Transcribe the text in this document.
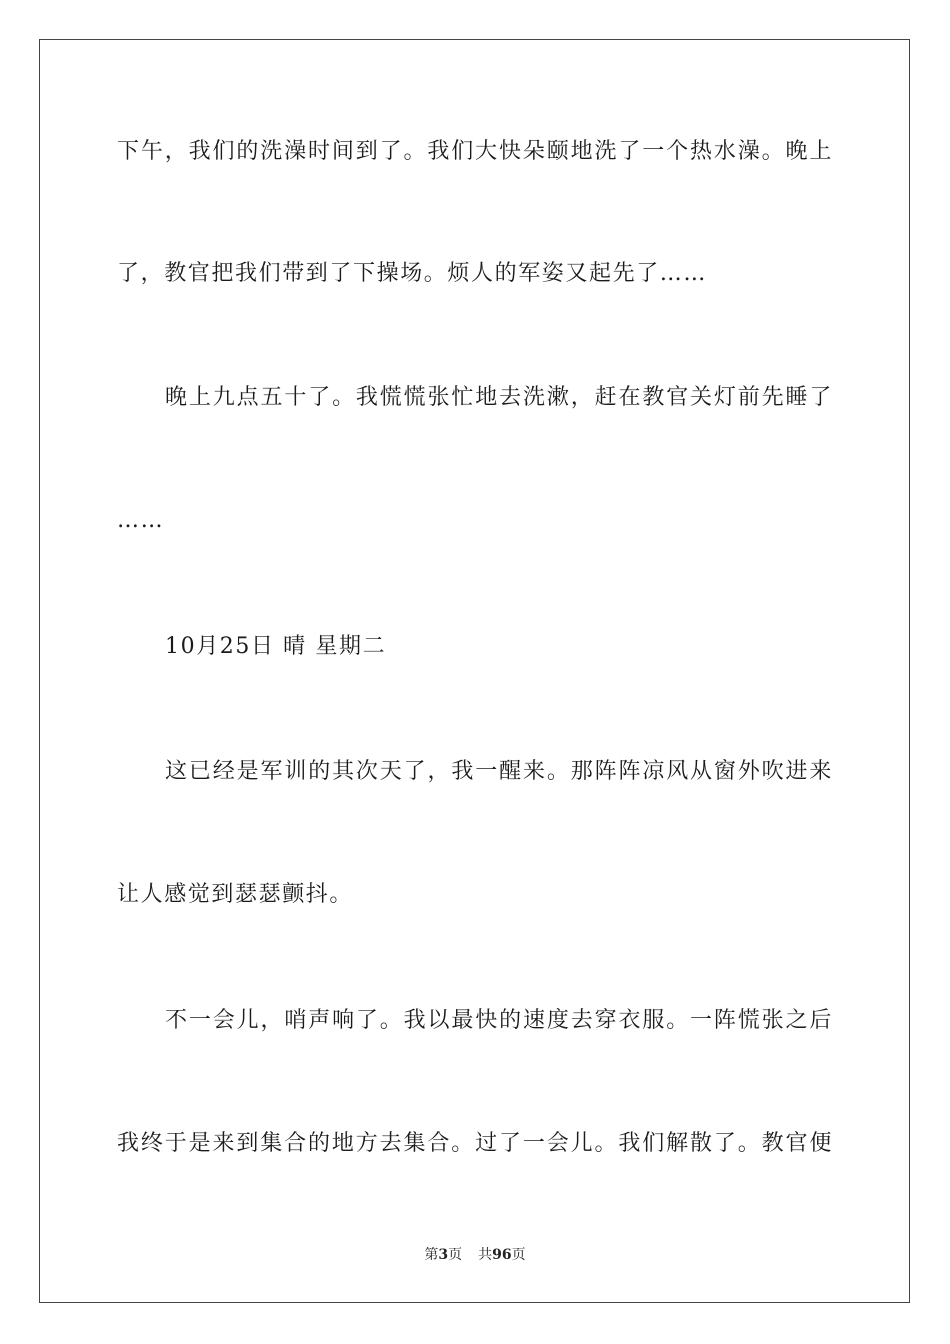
下午，我们的洗澡时间到了。我们大快朵颐地洗了一个热水澡。晚上
了，教官把我们带到了下操场。烦人的军姿又起先了……
晚上九点五十了。我慌慌张忙地去洗漱，赶在教官关灯前先睡了
……
10月25日 晴 星期二
这已经是军训的其次天了，我一醒来。那阵阵凉风从窗外吹进来
让人感觉到瑟瑟颤抖。
不一会儿，哨声响了。我以最快的速度去穿衣服。一阵慌张之后
我终于是来到集合的地方去集合。过了一会儿。我们解散了。教官便
第3页 共96页
